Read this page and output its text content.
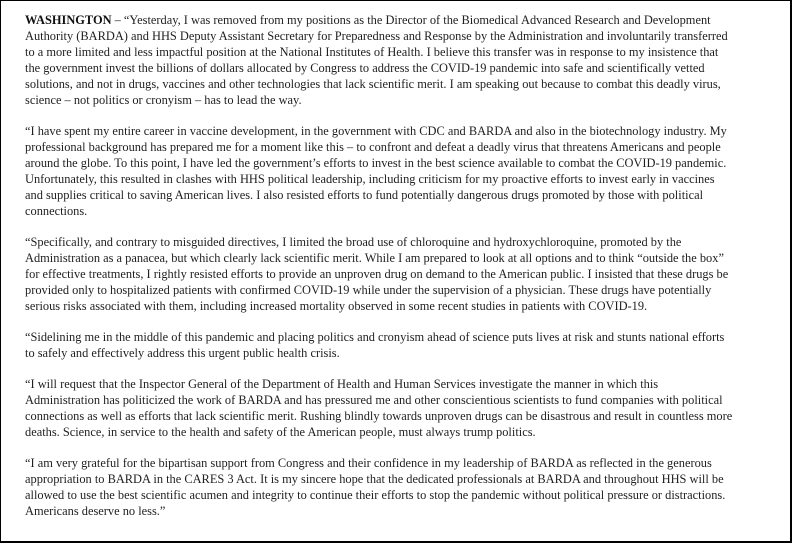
WASHINGTON – “Yesterday, I was removed from my positions as the Director of the Biomedical Advanced Research and Development
Authority (BARDA) and HHS Deputy Assistant Secretary for Preparedness and Response by the Administration and involuntarily transferred
to a more limited and less impactful position at the National Institutes of Health. I believe this transfer was in response to my insistence that
the government invest the billions of dollars allocated by Congress to address the COVID-19 pandemic into safe and scientifically vetted
solutions, and not in drugs, vaccines and other technologies that lack scientific merit. I am speaking out because to combat this deadly virus,
science – not politics or cronyism – has to lead the way.

“I have spent my entire career in vaccine development, in the government with CDC and BARDA and also in the biotechnology industry. My
professional background has prepared me for a moment like this – to confront and defeat a deadly virus that threatens Americans and people
around the globe. To this point, I have led the government’s efforts to invest in the best science available to combat the COVID-19 pandemic.
Unfortunately, this resulted in clashes with HHS political leadership, including criticism for my proactive efforts to invest early in vaccines
and supplies critical to saving American lives. I also resisted efforts to fund potentially dangerous drugs promoted by those with political
connections.

“Specifically, and contrary to misguided directives, I limited the broad use of chloroquine and hydroxychloroquine, promoted by the
Administration as a panacea, but which clearly lack scientific merit. While I am prepared to look at all options and to think “outside the box”
for effective treatments, I rightly resisted efforts to provide an unproven drug on demand to the American public. I insisted that these drugs be
provided only to hospitalized patients with confirmed COVID-19 while under the supervision of a physician. These drugs have potentially
serious risks associated with them, including increased mortality observed in some recent studies in patients with COVID-19.

“Sidelining me in the middle of this pandemic and placing politics and cronyism ahead of science puts lives at risk and stunts national efforts
to safely and effectively address this urgent public health crisis.

“I will request that the Inspector General of the Department of Health and Human Services investigate the manner in which this
Administration has politicized the work of BARDA and has pressured me and other conscientious scientists to fund companies with political
connections as well as efforts that lack scientific merit. Rushing blindly towards unproven drugs can be disastrous and result in countless more
deaths. Science, in service to the health and safety of the American people, must always trump politics.

“I am very grateful for the bipartisan support from Congress and their confidence in my leadership of BARDA as reflected in the generous
appropriation to BARDA in the CARES 3 Act. It is my sincere hope that the dedicated professionals at BARDA and throughout HHS will be
allowed to use the best scientific acumen and integrity to continue their efforts to stop the pandemic without political pressure or distractions.
Americans deserve no less.”
